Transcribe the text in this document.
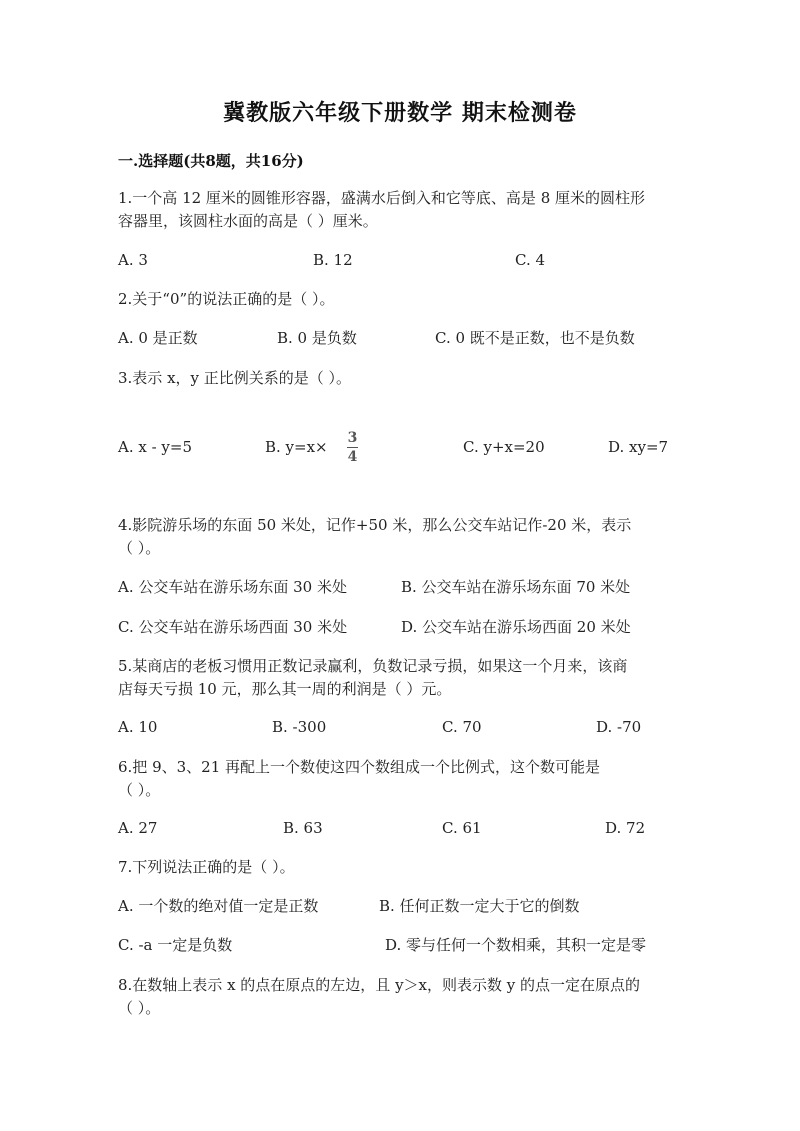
冀教版六年级下册数学 期末检测卷
一.选择题(共8题，共16分)
1.一个高 12 厘米的圆锥形容器，盛满水后倒入和它等底、高是 8 厘米的圆柱形
容器里，该圆柱水面的高是（ ）厘米。
A. 3	B. 12	C. 4
2.关于“0”的说法正确的是（ ）。
A. 0 是正数	B. 0 是负数	C. 0 既不是正数，也不是负数
3.表示 x，y 正比例关系的是（ ）。
A. x - y=5	B. y=x× 3
4
C. y+x=20	D. xy=7
4.影院游乐场的东面 50 米处，记作+50 米，那么公交车站记作-20 米，表示
（ ）。
A. 公交车站在游乐场东面 30 米处	B. 公交车站在游乐场东面 70 米处
C. 公交车站在游乐场西面 30 米处	D. 公交车站在游乐场西面 20 米处
5.某商店的老板习惯用正数记录赢利，负数记录亏损，如果这一个月来，该商
店每天亏损 10 元，那么其一周的利润是（ ）元。
A. 10	B. -300	C. 70	D. -70
6.把 9、3、21 再配上一个数使这四个数组成一个比例式，这个数可能是
（ ）。
A. 27	B. 63	C. 61	D. 72
7.下列说法正确的是（ ）。
A. 一个数的绝对值一定是正数	B. 任何正数一定大于它的倒数
C. -a 一定是负数	D. 零与任何一个数相乘，其积一定是零
8.在数轴上表示 x 的点在原点的左边，且 y＞x，则表示数 y 的点一定在原点的
（ ）。
